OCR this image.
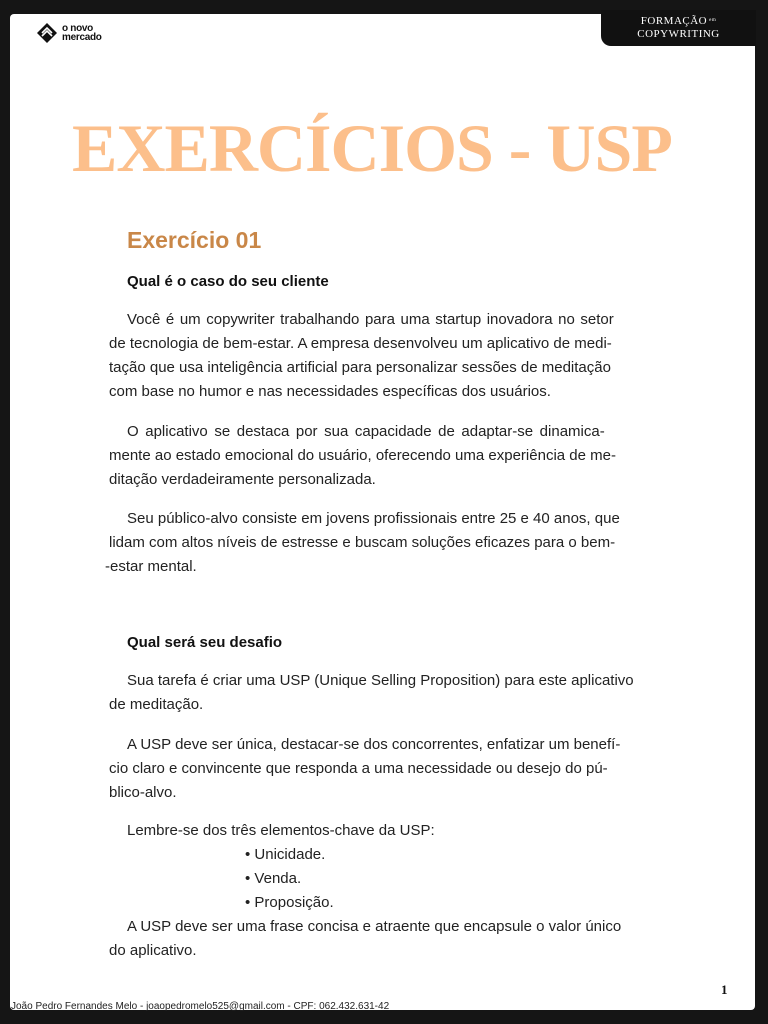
o novo
mercado
FORMAÇÃO em
COPYWRITING
EXERCÍCIOS - USP
Exercício 01
Qual é o caso do seu cliente

Você é um copywriter trabalhando para uma startup inovadora no setor
de tecnologia de bem-estar. A empresa desenvolveu um aplicativo de medi-
tação que usa inteligência artificial para personalizar sessões de meditação
com base no humor e nas necessidades específicas dos usuários.

O aplicativo se destaca por sua capacidade de adaptar-se dinamica-
mente ao estado emocional do usuário, oferecendo uma experiência de me-
ditação verdadeiramente personalizada.

Seu público-alvo consiste em jovens profissionais entre 25 e 40 anos, que
lidam com altos níveis de estresse e buscam soluções eficazes para o bem-
-estar mental.

Qual será seu desafio

Sua tarefa é criar uma USP (Unique Selling Proposition) para este aplicativo
de meditação.

A USP deve ser única, destacar-se dos concorrentes, enfatizar um benefí-
cio claro e convincente que responda a uma necessidade ou desejo do pú-
blico-alvo.

Lembre-se dos três elementos-chave da USP:

• Unicidade.
• Venda.
• Proposição.

A USP deve ser uma frase concisa e atraente que encapsule o valor único
do aplicativo.

1
João Pedro Fernandes Melo - joaopedromelo525@gmail.com - CPF: 062.432.631-42
